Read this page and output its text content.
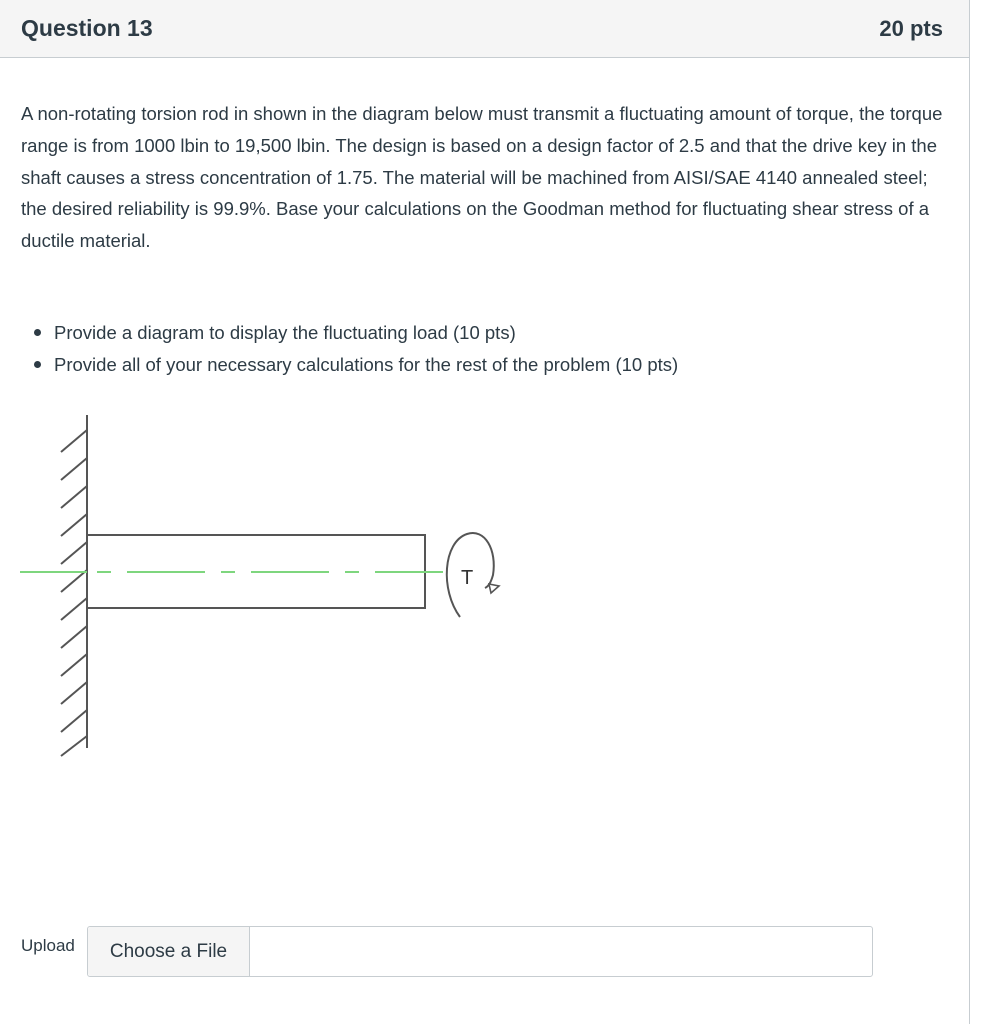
Question 13	20 pts

A non-rotating torsion rod in shown in the diagram below must transmit a fluctuating amount of torque, the torque range is from 1000 lbin to 19,500 lbin. The design is based on a design factor of 2.5 and that the drive key in the shaft causes a stress concentration of 1.75. The material will be machined from AISI/SAE 4140 annealed steel; the desired reliability is 99.9%. Base your calculations on the Goodman method for fluctuating shear stress of a ductile material.

Provide a diagram to display the fluctuating load (10 pts)
Provide all of your necessary calculations for the rest of the problem (10 pts)
T
Upload	Choose a File
